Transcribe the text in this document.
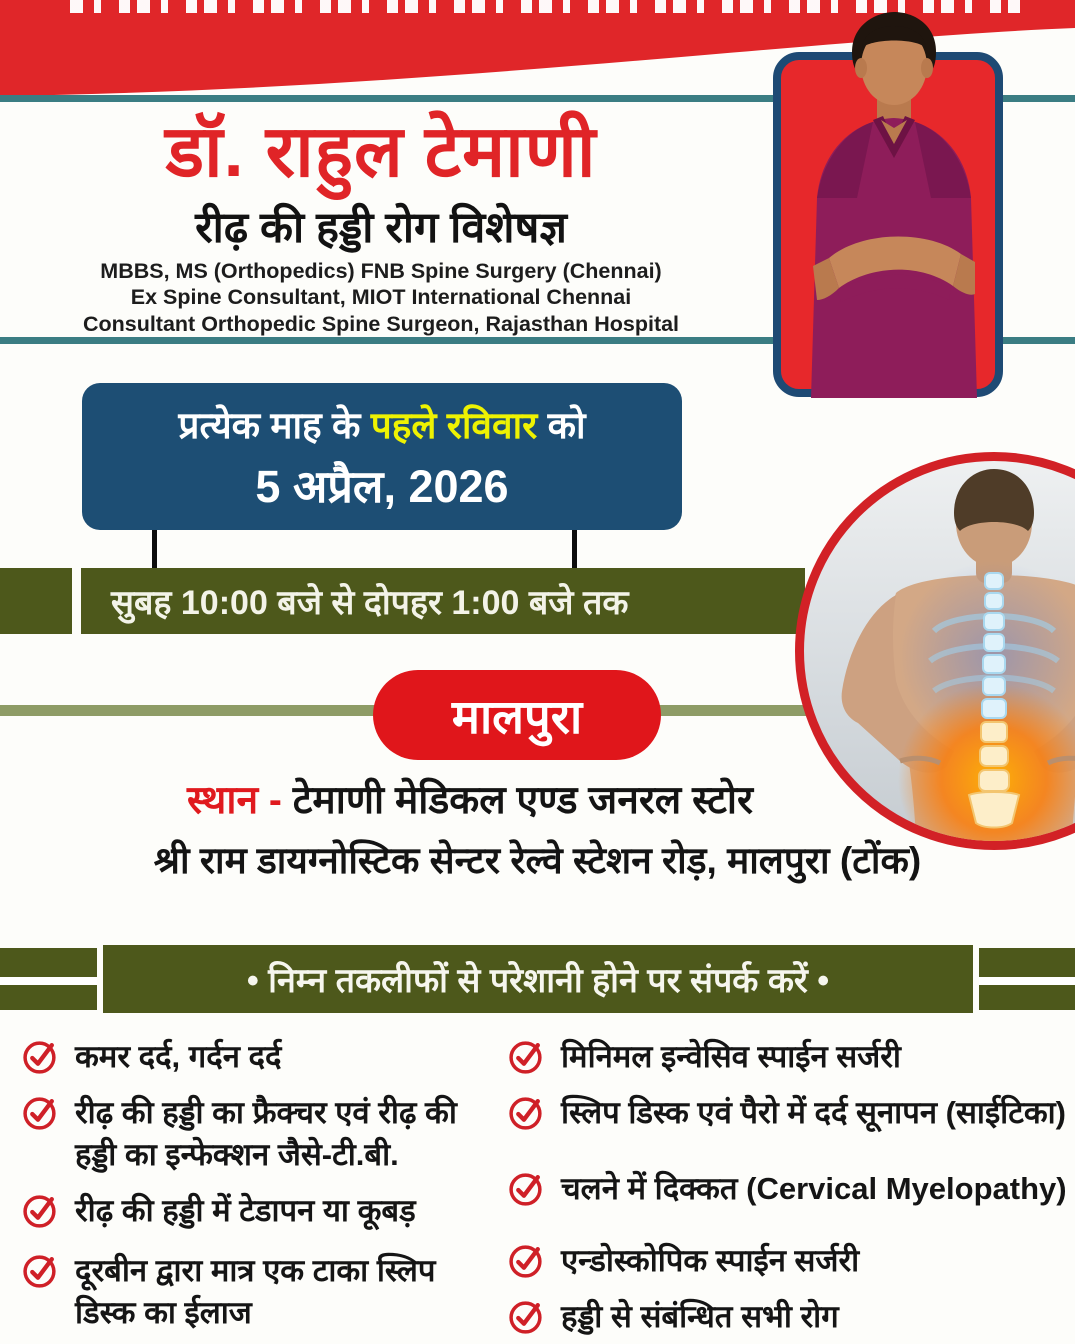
डॉ. राहुल टेमाणी
रीढ़ की हड्डी रोग विशेषज्ञ
MBBS, MS (Orthopedics) FNB Spine Surgery (Chennai)
Ex Spine Consultant, MIOT International Chennai
Consultant Orthopedic Spine Surgeon, Rajasthan Hospital
प्रत्येक माह के पहले रविवार को
5 अप्रैल, 2026
सुबह 10:00 बजे से दोपहर 1:00 बजे तक
मालपुरा
स्थान - टेमाणी मेडिकल एण्ड जनरल स्टोर
श्री राम डायग्नोस्टिक सेन्टर रेल्वे स्टेशन रोड़, मालपुरा (टोंक)
• निम्न तकलीफों से परेशानी होने पर संपर्क करें •
कमर दर्द, गर्दन दर्द
रीढ़ की हड्डी का फ्रैक्चर एवं रीढ़ की हड्डी का इन्फेक्शन जैसे-टी.बी.
रीढ़ की हड्डी में टेडापन या कूबड़
दूरबीन द्वारा मात्र एक टाका स्लिप डिस्क का ईलाज
मिनिमल इन्वेसिव स्पाईन सर्जरी
स्लिप डिस्क एवं पैरो में दर्द सूनापन (साईटिका)
चलने में दिक्कत (Cervical Myelopathy)
एन्डोस्कोपिक स्पाईन सर्जरी
हड्डी से संबंन्धित सभी रोग
